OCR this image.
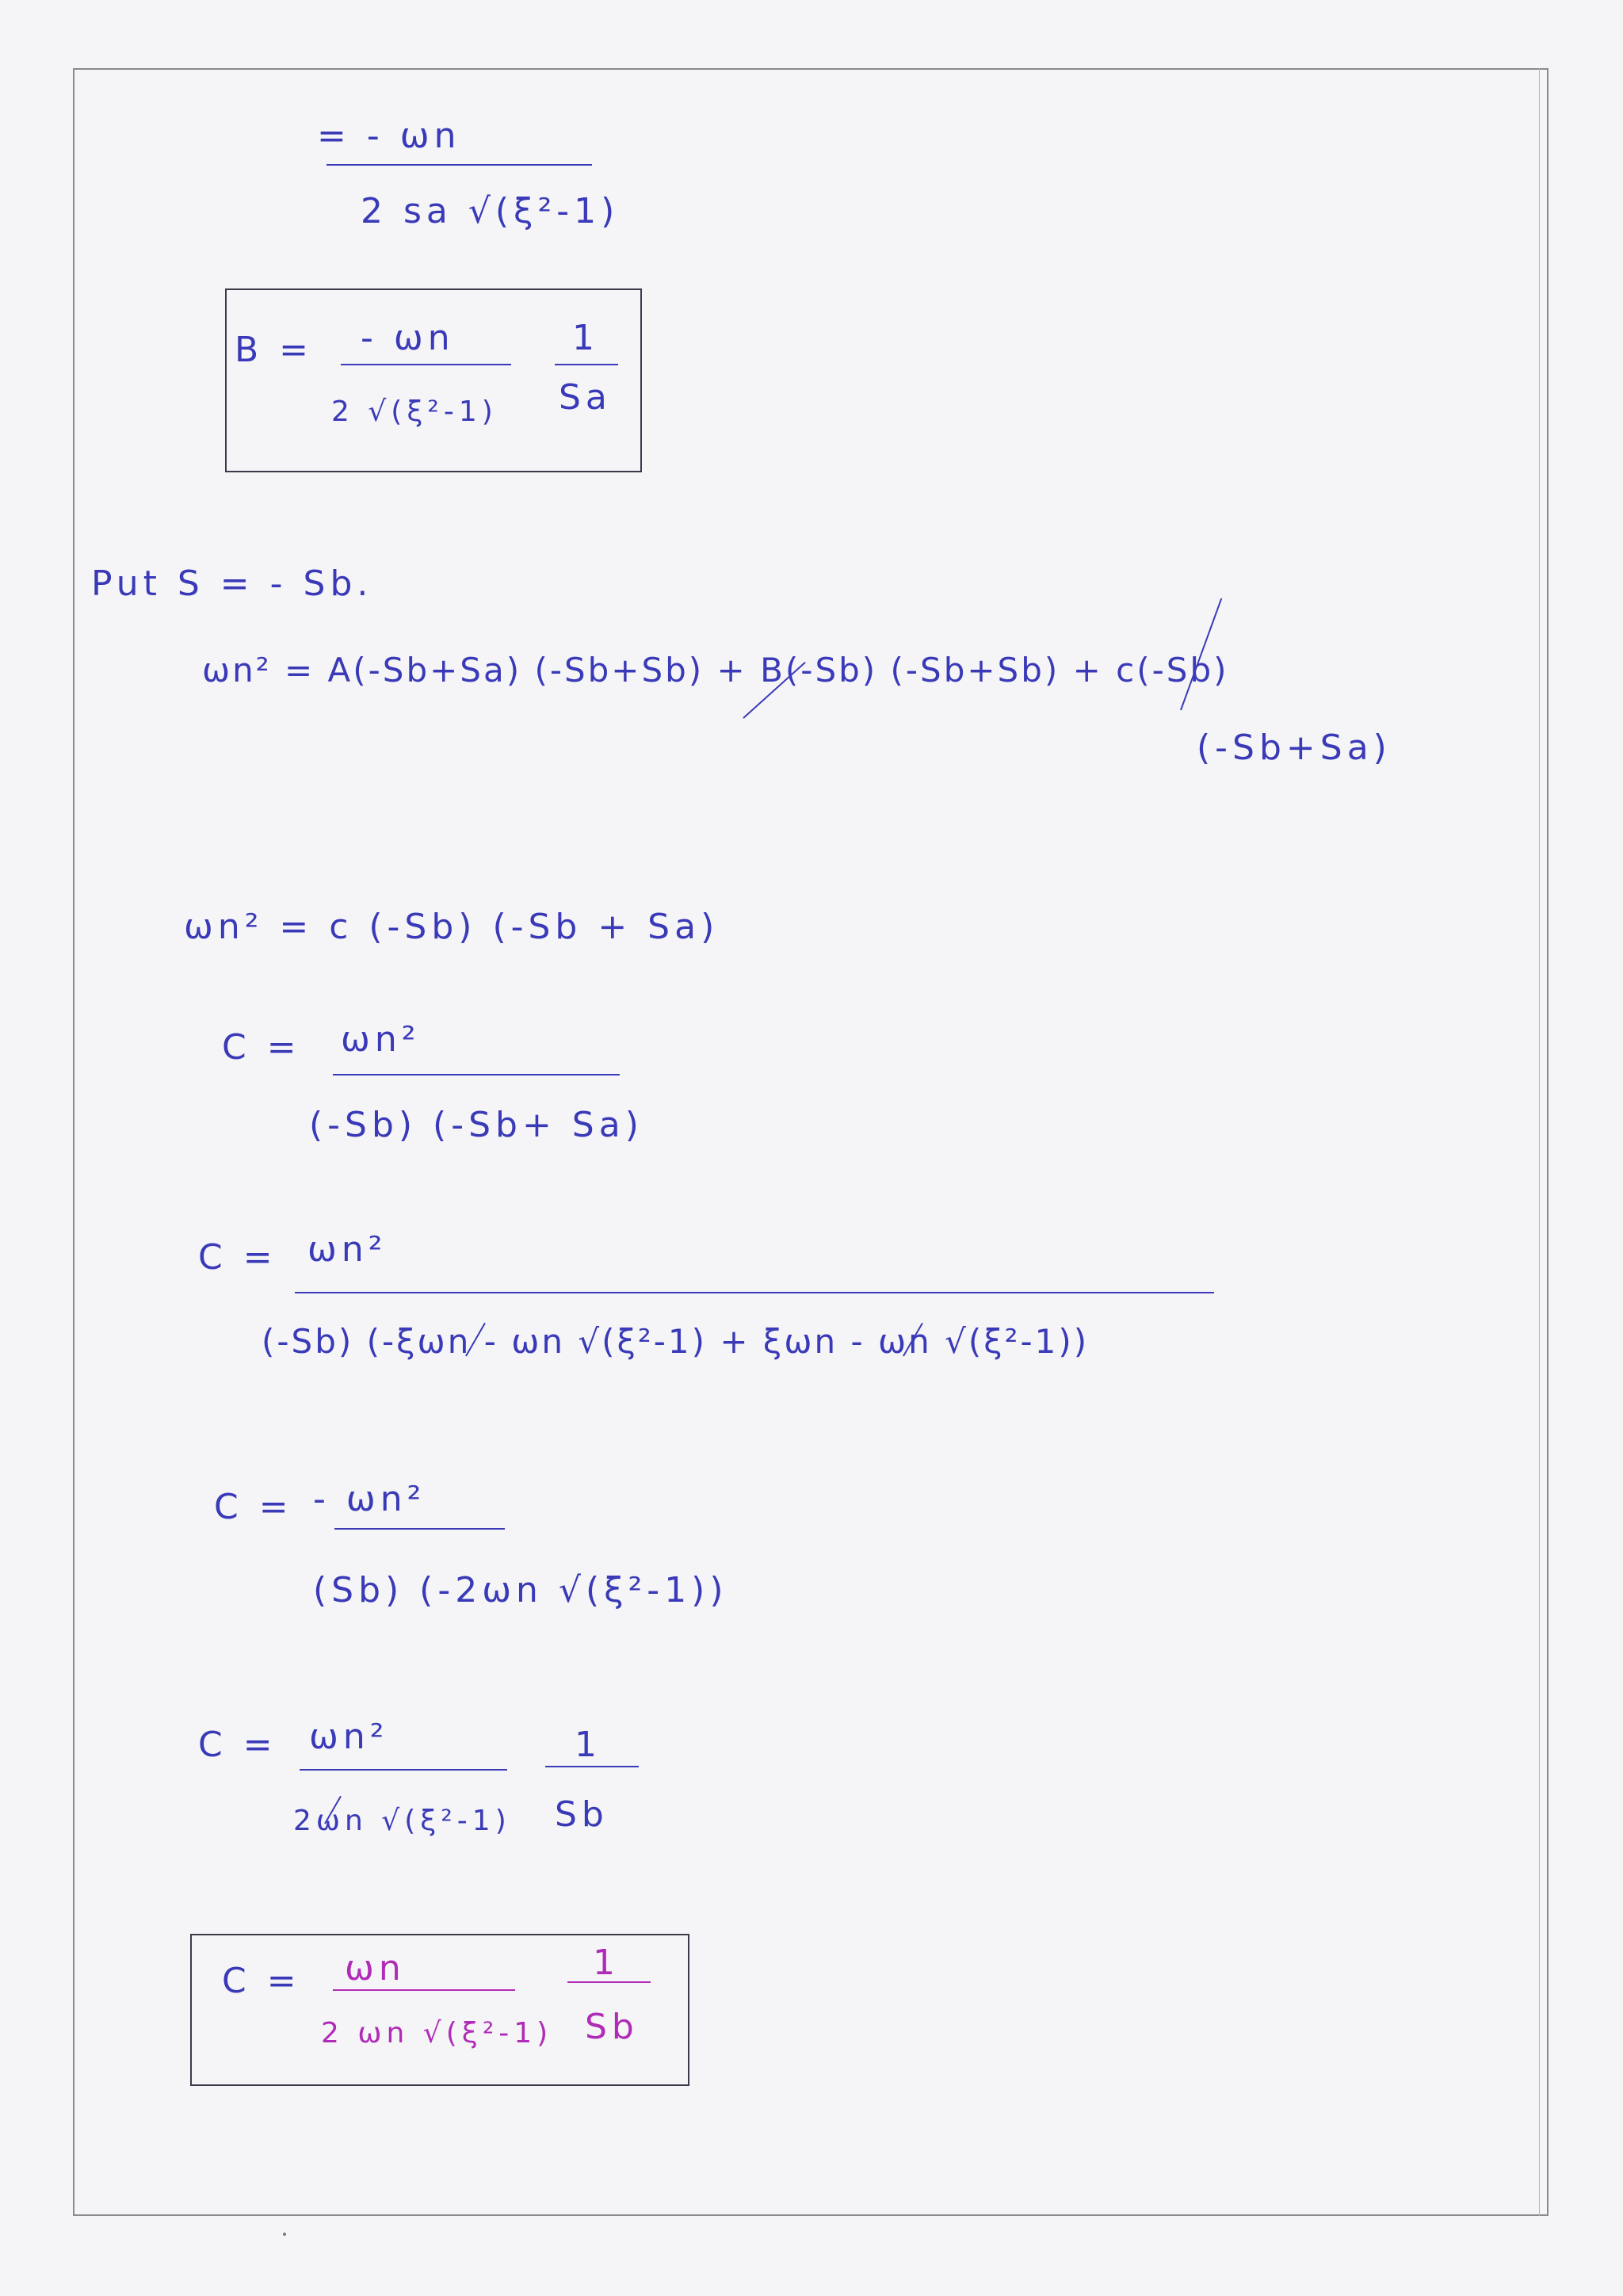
= - ωn
2 sa √(ξ²-1)
B = - ωn
2 √(ξ²-1)
1
Sa
Put S = - Sb.
ωn² = A(-Sb+Sa) (-Sb+Sb) + B(-Sb) (-Sb+Sb) + c(-Sb)
(-Sb+Sa)
ωn² = c (-Sb) (-Sb + Sa)
C = ωn²
(-Sb) (-Sb+ Sa)
C = ωn²
(-Sb) (-ξωn - ωn √(ξ²-1) + ξωn - ωn √(ξ²-1))
C = - ωn²
(Sb) (-2ωn √(ξ²-1))
C = ωn²
2ωn √(ξ²-1)
1
Sb
C = ωn
2 ωn √(ξ²-1)
1
Sb
